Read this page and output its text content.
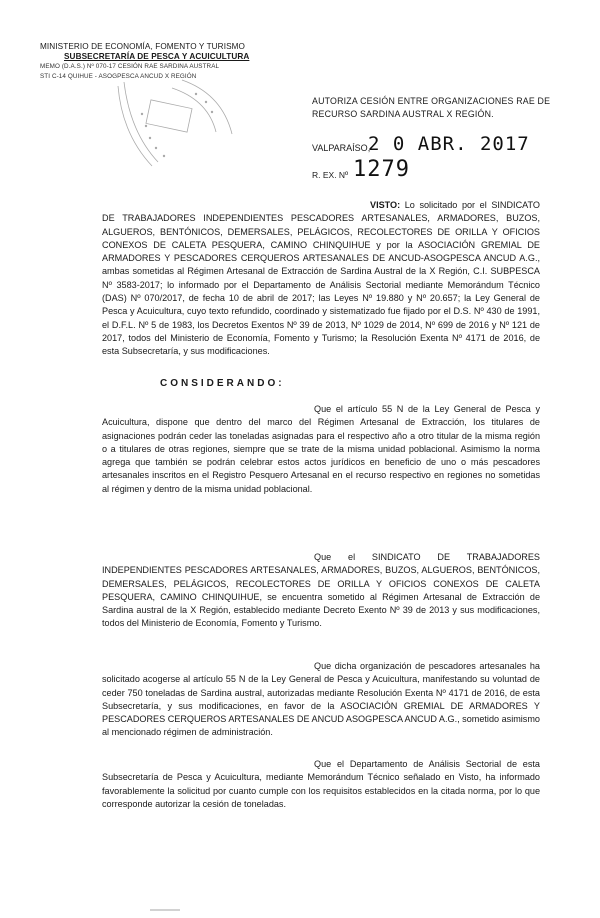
MINISTERIO DE ECONOMÍA, FOMENTO Y TURISMO
SUBSECRETARÍA DE PESCA Y ACUICULTURA
MEMO (D.A.S.) Nº 070-17 CESIÓN RAE SARDINA AUSTRAL
STI C-14 QUIHUE - ASOGPESCA ANCUD X REGIÓN
AUTORIZA CESIÓN ENTRE ORGANIZACIONES RAE DE RECURSO SARDINA AUSTRAL X REGIÓN.
VALPARAÍSO,
2 0 ABR. 2017
R. EX. Nº 1279
VISTO: Lo solicitado por el SINDICATO DE TRABAJADORES INDEPENDIENTES PESCADORES ARTESANALES, ARMADORES, BUZOS, ALGUEROS, BENTÓNICOS, DEMERSALES, PELÁGICOS, RECOLECTORES DE ORILLA Y OFICIOS CONEXOS DE CALETA PESQUERA, CAMINO CHINQUIHUE y por la ASOCIACIÓN GREMIAL DE ARMADORES Y PESCADORES CERQUEROS ARTESANALES DE ANCUD-ASOGPESCA ANCUD A.G., ambas sometidas al Régimen Artesanal de Extracción de Sardina Austral de la X Región, C.I. SUBPESCA Nº 3583-2017; lo informado por el Departamento de Análisis Sectorial mediante Memorándum Técnico (DAS) Nº 070/2017, de fecha 10 de abril de 2017; las Leyes Nº 19.880 y Nº 20.657; la Ley General de Pesca y Acuicultura, cuyo texto refundido, coordinado y sistematizado fue fijado por el D.S. Nº 430 de 1991, el D.F.L. Nº 5 de 1983, los Decretos Exentos Nº 39 de 2013, Nº 1029 de 2014, Nº 699 de 2016 y Nº 121 de 2017, todos del Ministerio de Economía, Fomento y Turismo; la Resolución Exenta Nº 4171 de 2016, de esta Subsecretaría, y sus modificaciones.
CONSIDERANDO:
Que el artículo 55 N de la Ley General de Pesca y Acuicultura, dispone que dentro del marco del Régimen Artesanal de Extracción, los titulares de asignaciones podrán ceder las toneladas asignadas para el respectivo año a otro titular de la misma región o a titulares de otras regiones, siempre que se trate de la misma unidad poblacional. Asimismo la norma agrega que también se podrán celebrar estos actos jurídicos en beneficio de uno o más pescadores artesanales inscritos en el Registro Pesquero Artesanal en el recurso respectivo en regiones no sometidas al régimen y dentro de la misma unidad poblacional.
Que el SINDICATO DE TRABAJADORES INDEPENDIENTES PESCADORES ARTESANALES, ARMADORES, BUZOS, ALGUEROS, BENTÓNICOS, DEMERSALES, PELÁGICOS, RECOLECTORES DE ORILLA Y OFICIOS CONEXOS DE CALETA PESQUERA, CAMINO CHINQUIHUE, se encuentra sometido al Régimen Artesanal de Extracción de Sardina austral de la X Región, establecido mediante Decreto Exento Nº 39 de 2013 y sus modificaciones, todos del Ministerio de Economía, Fomento y Turismo.
Que dicha organización de pescadores artesanales ha solicitado acogerse al artículo 55 N de la Ley General de Pesca y Acuicultura, manifestando su voluntad de ceder 750 toneladas de Sardina austral, autorizadas mediante Resolución Exenta Nº 4171 de 2016, de esta Subsecretaría, y sus modificaciones, en favor de la ASOCIACIÓN GREMIAL DE ARMADORES Y PESCADORES CERQUEROS ARTESANALES DE ANCUD ASOGPESCA ANCUD A.G., sometido asimismo al mencionado régimen de administración.
Que el Departamento de Análisis Sectorial de esta Subsecretaría de Pesca y Acuicultura, mediante Memorándum Técnico señalado en Visto, ha informado favorablemente la solicitud por cuanto cumple con los requisitos establecidos en la citada norma, por lo que corresponde autorizar la cesión de toneladas.
